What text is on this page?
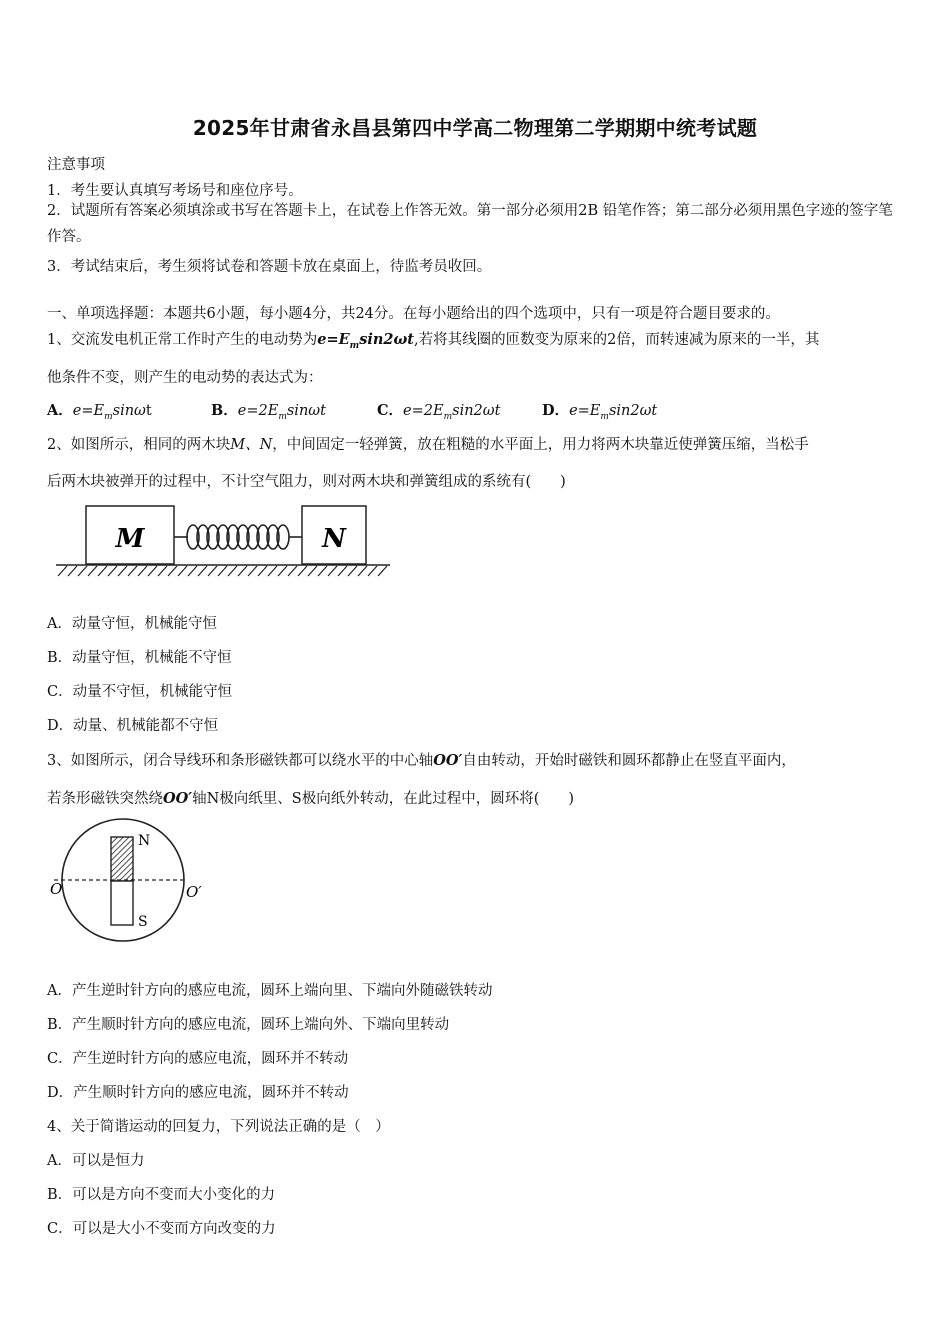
2025年甘肃省永昌县第四中学高二物理第二学期期中统考试题
注意事项
1．考生要认真填写考场号和座位序号。
2．试题所有答案必须填涂或书写在答题卡上，在试卷上作答无效。第一部分必须用2B 铅笔作答；第二部分必须用黑色字迹的签字笔作答。
3．考试结束后，考生须将试卷和答题卡放在桌面上，待监考员收回。
一、单项选择题：本题共6小题，每小题4分，共24分。在每小题给出的四个选项中，只有一项是符合题目要求的。
1、交流发电机正常工作时产生的电动势为$e=E_m\sin 2\omega t$,若将其线圈的匝数变为原来的2倍，而转速减为原来的一半，其
他条件不变，则产生的电动势的表达式为：
A．$e=E_m\sin\omega t$	B．$e=2E_m\sin\omega t$	C．$e=2E_m\sin 2\omega t$	D．$e=E_m\sin 2\omega t$
2、如图所示，相同的两木块M、N，中间固定一轻弹簧，放在粗糙的水平面上，用力将两木块靠近使弹簧压缩，当松手
后两木块被弹开的过程中，不计空气阻力，则对两木块和弹簧组成的系统有(　　)
M	N
A．动量守恒，机械能守恒
B．动量守恒，机械能不守恒
C．动量不守恒，机械能守恒
D．动量、机械能都不守恒
3、如图所示，闭合导线环和条形磁铁都可以绕水平的中心轴OO′自由转动，开始时磁铁和圆环都静止在竖直平面内，
若条形磁铁突然绕OO′轴N极向纸里、S极向纸外转动，在此过程中，圆环将(　　)
N
S
O	O′
A．产生逆时针方向的感应电流，圆环上端向里、下端向外随磁铁转动
B．产生顺时针方向的感应电流，圆环上端向外、下端向里转动
C．产生逆时针方向的感应电流，圆环并不转动
D．产生顺时针方向的感应电流，圆环并不转动
4、关于简谐运动的回复力，下列说法正确的是（　）
A．可以是恒力
B．可以是方向不变而大小变化的力
C．可以是大小不变而方向改变的力
